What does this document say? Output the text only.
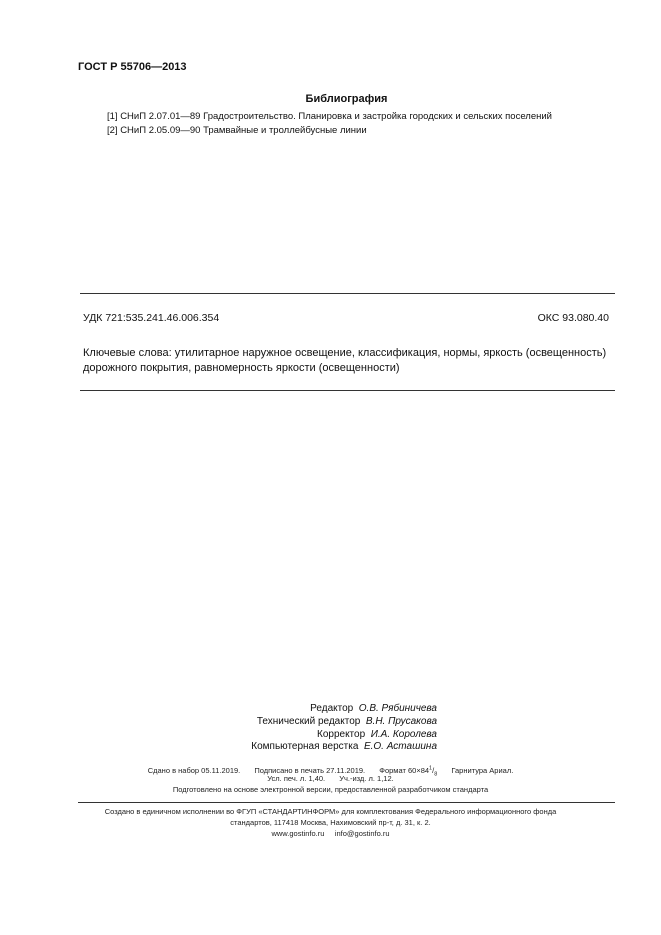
ГОСТ Р 55706—2013
Библиография
[1] СНиП 2.07.01—89 Градостроительство. Планировка и застройка городских и сельских поселений
[2] СНиП 2.05.09—90 Трамвайные и троллейбусные линии
УДК 721:535.241.46.006.354	ОКС 93.080.40
Ключевые слова: утилитарное наружное освещение, классификация, нормы, яркость (освещенность) дорожного покрытия, равномерность яркости (освещенности)
Редактор О.В. Рябиничева
Технический редактор В.Н. Прусакова
Корректор И.А. Королева
Компьютерная верстка Е.О. Асташина
Сдано в набор 05.11.2019. Подписано в печать 27.11.2019. Формат $60\times 84^1/_8$ Гарнитура Ариал.
Усл. печ. л. 1,40. Уч.-изд. л. 1,12.
Подготовлено на основе электронной версии, предоставленной разработчиком стандарта
Создано в единичном исполнении во ФГУП «СТАНДАРТИНФОРМ» для комплектования Федерального информационного фонда
стандартов, 117418 Москва, Нахимовский пр-т, д. 31, к. 2.
www.gostinfo.ru info@gostinfo.ru
